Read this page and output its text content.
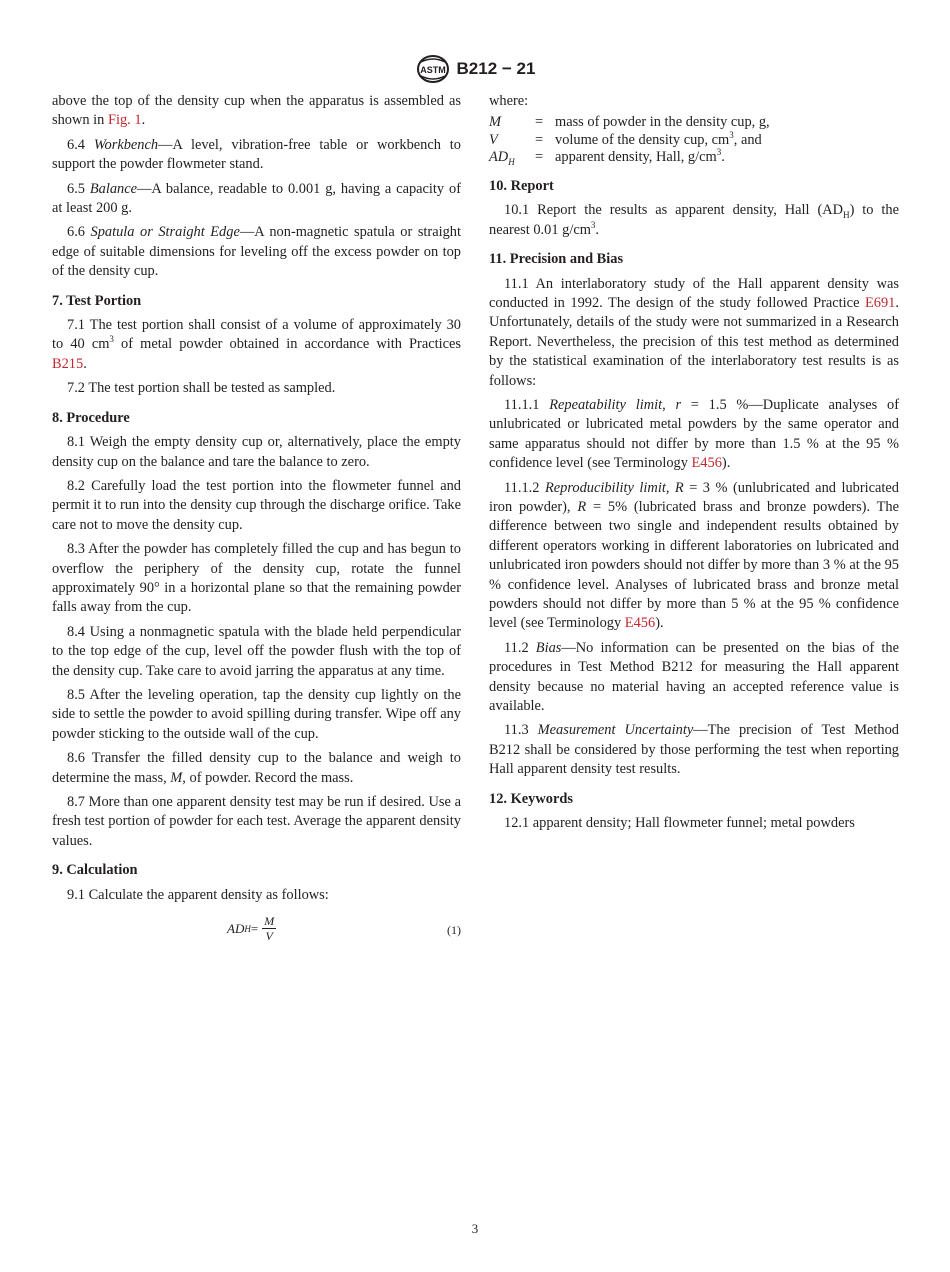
ASTM B212 − 21

above the top of the density cup when the apparatus is assembled as shown in Fig. 1.

6.4 Workbench—A level, vibration-free table or workbench to support the powder flowmeter stand.

6.5 Balance—A balance, readable to 0.001 g, having a capacity of at least 200 g.

6.6 Spatula or Straight Edge—A non-magnetic spatula or straight edge of suitable dimensions for leveling off the excess powder on top of the density cup.

7. Test Portion

7.1 The test portion shall consist of a volume of approximately 30 to 40 $cm^3$ of metal powder obtained in accordance with Practices B215.

7.2 The test portion shall be tested as sampled.

8. Procedure

8.1 Weigh the empty density cup or, alternatively, place the empty density cup on the balance and tare the balance to zero.

8.2 Carefully load the test portion into the flowmeter funnel and permit it to run into the density cup through the discharge orifice. Take care not to move the density cup.

8.3 After the powder has completely filled the cup and has begun to overflow the periphery of the density cup, rotate the funnel approximately 90° in a horizontal plane so that the remaining powder falls away from the cup.

8.4 Using a nonmagnetic spatula with the blade held perpendicular to the top edge of the cup, level off the powder flush with the top of the density cup. Take care to avoid jarring the apparatus at any time.

8.5 After the leveling operation, tap the density cup lightly on the side to settle the powder to avoid spilling during transfer. Wipe off any powder sticking to the outside wall of the cup.

8.6 Transfer the filled density cup to the balance and weigh to determine the mass, M, of powder. Record the mass.

8.7 More than one apparent density test may be run if desired. Use a fresh test portion of powder for each test. Average the apparent density values.

9. Calculation

9.1 Calculate the apparent density as follows:

AD $H = \frac{M}{V}$	(1)

where:

M	= mass of powder in the density cup, g,
V	= volume of the density cup, $cm^3$, and
$AD_H$	= apparent density, Hall, $g/cm^3$.
10. Report

10.1 Report the results as apparent density, Hall $(AD_H)$ to the nearest 0.01 $g/cm^3$.

11. Precision and Bias

11.1 An interlaboratory study of the Hall apparent density was conducted in 1992. The design of the study followed Practice E691. Unfortunately, details of the study were not summarized in a Research Report. Nevertheless, the precision of this test method as determined by the statistical examination of the interlaboratory test results is as follows:

11.1.1 Repeatability limit, r = 1.5 %—Duplicate analyses of unlubricated or lubricated metal powders by the same operator and same apparatus should not differ by more than 1.5 % at the 95 % confidence level (see Terminology E456).

11.1.2 Reproducibility limit, R = 3 % (unlubricated and lubricated iron powder), R = 5% (lubricated brass and bronze powders). The difference between two single and independent results obtained by different operators working in different laboratories on lubricated and unlubricated iron powders should not differ by more than 3 % at the 95 % confidence level. Analyses of lubricated brass and bronze metal powders should not differ by more than 5 % at the 95 % confidence level (see Terminology E456).

11.2 Bias—No information can be presented on the bias of the procedures in Test Method B212 for measuring the Hall apparent density because no material having an accepted reference value is available.

11.3 Measurement Uncertainty—The precision of Test Method B212 shall be considered by those performing the test when reporting Hall apparent density test results.

12. Keywords

12.1 apparent density; Hall flowmeter funnel; metal powders

3
